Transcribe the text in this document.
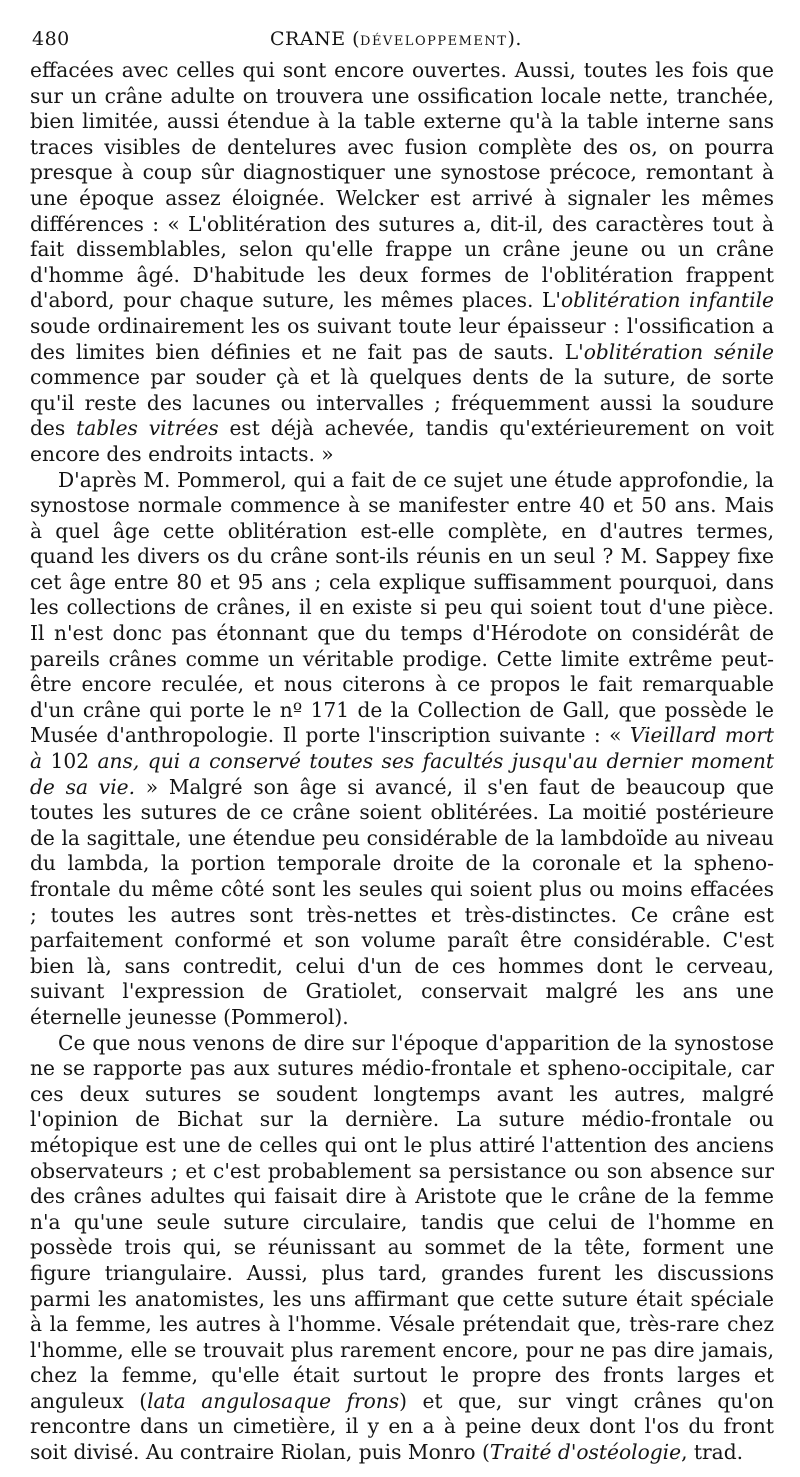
480	CRANE (DÉVELOPPEMENT).

effacées avec celles qui sont encore ouvertes. Aussi, toutes les fois que sur un crâne adulte on trouvera une ossification locale nette, tranchée, bien limitée, aussi étendue à la table externe qu'à la table interne sans traces visibles de dentelures avec fusion complète des os, on pourra presque à coup sûr diagnostiquer une synostose précoce, remontant à une époque assez éloignée. Welcker est arrivé à signaler les mêmes différences : « L'oblitération des sutures a, dit-il, des caractères tout à fait dissemblables, selon qu'elle frappe un crâne jeune ou un crâne d'homme âgé. D'habitude les deux formes de l'oblitération frappent d'abord, pour chaque suture, les mêmes places. L'oblitération infantile soude ordinairement les os suivant toute leur épaisseur : l'ossification a des limites bien définies et ne fait pas de sauts. L'oblitération sénile commence par souder çà et là quelques dents de la suture, de sorte qu'il reste des lacunes ou intervalles ; fréquemment aussi la soudure des tables vitrées est déjà achevée, tandis qu'extérieurement on voit encore des endroits intacts. »

D'après M. Pommerol, qui a fait de ce sujet une étude approfondie, la synostose normale commence à se manifester entre 40 et 50 ans. Mais à quel âge cette oblitération est-elle complète, en d'autres termes, quand les divers os du crâne sont-ils réunis en un seul ? M. Sappey fixe cet âge entre 80 et 95 ans ; cela explique suffisamment pourquoi, dans les collections de crânes, il en existe si peu qui soient tout d'une pièce. Il n'est donc pas étonnant que du temps d'Hérodote on considérât de pareils crânes comme un véritable prodige. Cette limite extrême peut-être encore reculée, et nous citerons à ce propos le fait remarquable d'un crâne qui porte le nº 171 de la Collection de Gall, que possède le Musée d'anthropologie. Il porte l'inscription suivante : « Vieillard mort à 102 ans, qui a conservé toutes ses facultés jusqu'au dernier moment de sa vie. » Malgré son âge si avancé, il s'en faut de beaucoup que toutes les sutures de ce crâne soient oblitérées. La moitié postérieure de la sagittale, une étendue peu considérable de la lambdoïde au niveau du lambda, la portion temporale droite de la coronale et la spheno-frontale du même côté sont les seules qui soient plus ou moins effacées ; toutes les autres sont très-nettes et très-distinctes. Ce crâne est parfaitement conformé et son volume paraît être considérable. C'est bien là, sans contredit, celui d'un de ces hommes dont le cerveau, suivant l'expression de Gratiolet, conservait malgré les ans une éternelle jeunesse (Pommerol).

Ce que nous venons de dire sur l'époque d'apparition de la synostose ne se rapporte pas aux sutures médio-frontale et spheno-occipitale, car ces deux sutures se soudent longtemps avant les autres, malgré l'opinion de Bichat sur la dernière. La suture médio-frontale ou métopique est une de celles qui ont le plus attiré l'attention des anciens observateurs ; et c'est probablement sa persistance ou son absence sur des crânes adultes qui faisait dire à Aristote que le crâne de la femme n'a qu'une seule suture circulaire, tandis que celui de l'homme en possède trois qui, se réunissant au sommet de la tête, forment une figure triangulaire. Aussi, plus tard, grandes furent les discussions parmi les anatomistes, les uns affirmant que cette suture était spéciale à la femme, les autres à l'homme. Vésale prétendait que, très-rare chez l'homme, elle se trouvait plus rarement encore, pour ne pas dire jamais, chez la femme, qu'elle était surtout le propre des fronts larges et anguleux (lata angulosaque frons) et que, sur vingt crânes qu'on rencontre dans un cimetière, il y en a à peine deux dont l'os du front soit divisé. Au contraire Riolan, puis Monro (Traité d'ostéologie, trad.
